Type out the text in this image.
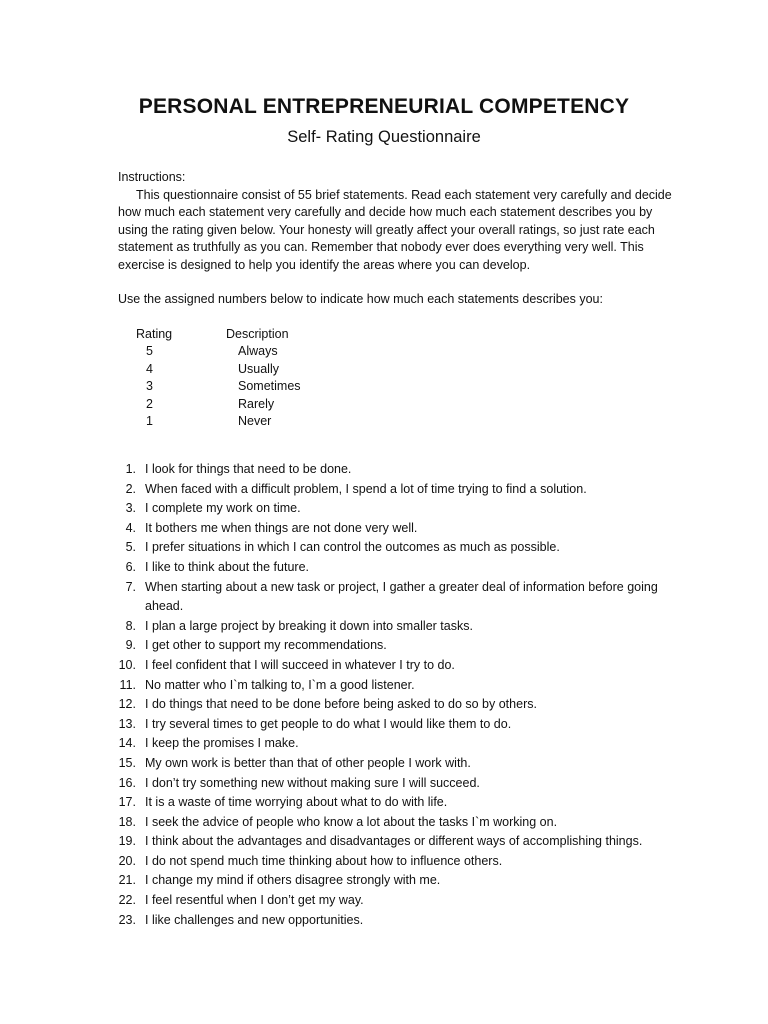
PERSONAL ENTREPRENEURIAL COMPETENCY
Self- Rating Questionnaire
Instructions:
This questionnaire consist of 55 brief statements. Read each statement very carefully and decide how much each statement very carefully and decide how much each statement describes you by using the rating given below. Your honesty will greatly affect your overall ratings, so just rate each statement as truthfully as you can. Remember that nobody ever does everything very well. This exercise is designed to help you identify the areas where you can develop.
Use the assigned numbers below to indicate how much each statements describes you:
Rating	Description
5	Always
4	Usually
3	Sometimes
2	Rarely
1	Never
1. I look for things that need to be done.
2. When faced with a difficult problem, I spend a lot of time trying to find a solution.
3. I complete my work on time.
4. It bothers me when things are not done very well.
5. I prefer situations in which I can control the outcomes as much as possible.
6. I like to think about the future.
7. When starting about a new task or project, I gather a greater deal of information before going ahead.
8. I plan a large project by breaking it down into smaller tasks.
9. I get other to support my recommendations.
10. I feel confident that I will succeed in whatever I try to do.
11. No matter who I`m talking to, I`m a good listener.
12. I do things that need to be done before being asked to do so by others.
13. I try several times to get people to do what I would like them to do.
14. I keep the promises I make.
15. My own work is better than that of other people I work with.
16. I don’t try something new without making sure I will succeed.
17. It is a waste of time worrying about what to do with life.
18. I seek the advice of people who know a lot about the tasks I`m working on.
19. I think about the advantages and disadvantages or different ways of accomplishing things.
20. I do not spend much time thinking about how to influence others.
21. I change my mind if others disagree strongly with me.
22. I feel resentful when I don’t get my way.
23. I like challenges and new opportunities.
